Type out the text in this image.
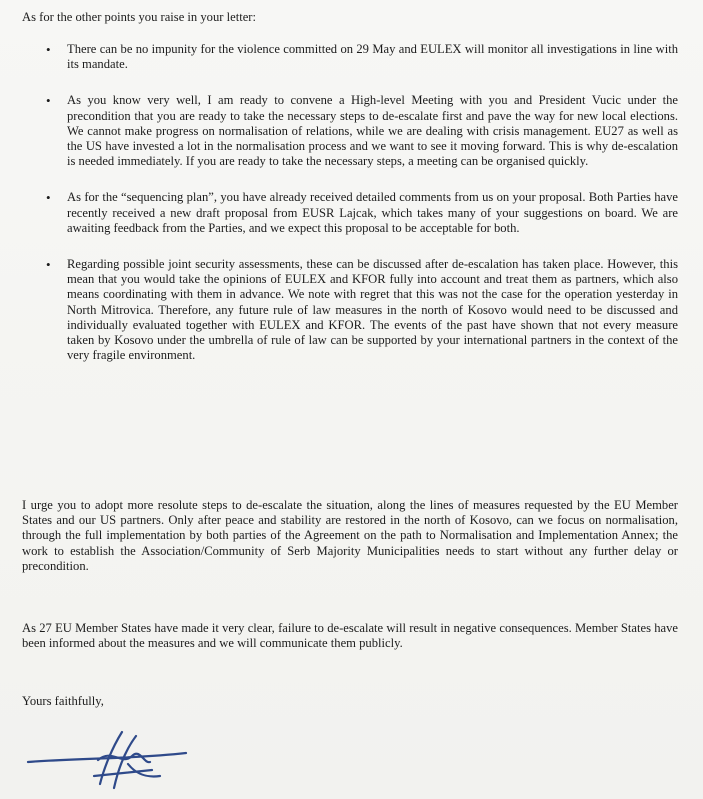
As for the other points you raise in your letter:
• There can be no impunity for the violence committed on 29 May and EULEX will monitor all investigations in line with its mandate.
• As you know very well, I am ready to convene a High-level Meeting with you and President Vucic under the precondition that you are ready to take the necessary steps to de-escalate first and pave the way for new local elections. We cannot make progress on normalisation of relations, while we are dealing with crisis management. EU27 as well as the US have invested a lot in the normalisation process and we want to see it moving forward. This is why de-escalation is needed immediately. If you are ready to take the necessary steps, a meeting can be organised quickly.
• As for the “sequencing plan”, you have already received detailed comments from us on your proposal. Both Parties have recently received a new draft proposal from EUSR Lajcak, which takes many of your suggestions on board. We are awaiting feedback from the Parties, and we expect this proposal to be acceptable for both.
• Regarding possible joint security assessments, these can be discussed after de-escalation has taken place. However, this mean that you would take the opinions of EULEX and KFOR fully into account and treat them as partners, which also means coordinating with them in advance. We note with regret that this was not the case for the operation yesterday in North Mitrovica. Therefore, any future rule of law measures in the north of Kosovo would need to be discussed and individually evaluated together with EULEX and KFOR. The events of the past have shown that not every measure taken by Kosovo under the umbrella of rule of law can be supported by your international partners in the context of the very fragile environment.
I urge you to adopt more resolute steps to de-escalate the situation, along the lines of measures requested by the EU Member States and our US partners. Only after peace and stability are restored in the north of Kosovo, can we focus on normalisation, through the full implementation by both parties of the Agreement on the path to Normalisation and Implementation Annex; the work to establish the Association/Community of Serb Majority Municipalities needs to start without any further delay or precondition.
As 27 EU Member States have made it very clear, failure to de-escalate will result in negative consequences. Member States have been informed about the measures and we will communicate them publicly.
Yours faithfully,
